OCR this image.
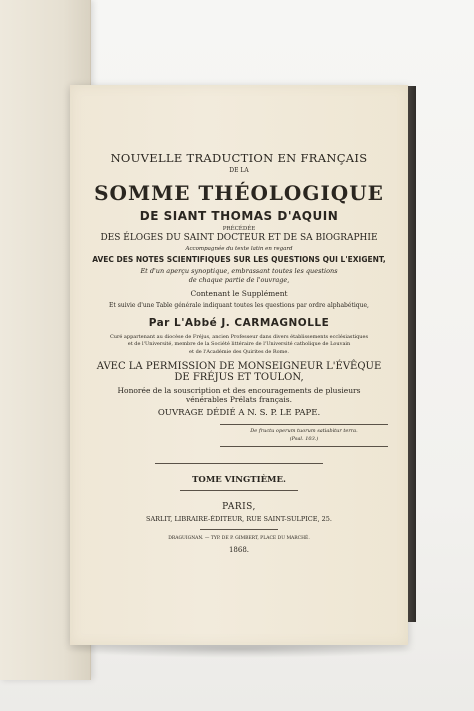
NOUVELLE TRADUCTION EN FRANÇAIS
DE LA
SOMME THÉOLOGIQUE
DE SIANT THOMAS D'AQUIN
PRÉCÉDÉE
DES ÉLOGES DU SAINT DOCTEUR ET DE SA BIOGRAPHIE
Accompagnée du texte latin en regard
AVEC DES NOTES SCIENTIFIQUES SUR LES QUESTIONS QUI L'EXIGENT,
Et d'un aperçu synoptique, embrassant toutes les questions
de chaque partie de l'ouvrage,
Contenant le Supplément
Et suivie d'une Table générale indiquant toutes les questions par ordre alphabétique,
Par L'Abbé J. CARMAGNOLLE
Curé appartenant au diocèse de Fréjus, ancien Professeur dans divers établissements ecclésiastiques
et de l'Université, membre de la Société littéraire de l'Université catholique de Louvain
et de l'Académie des Quirites de Rome.
AVEC LA PERMISSION DE MONSEIGNEUR L'ÉVÊQUE
DE FRÉJUS ET TOULON,
Honorée de la souscription et des encouragements de plusieurs
vénérables Prélats français.
OUVRAGE DÉDIÉ A N. S. P. LE PAPE.
De fructu operum tuorum satiabitur terra.
(Psal. 103.)
TOME VINGTIÈME.
PARIS,
SARLIT, LIBRAIRE-ÉDITEUR, RUE SAINT-SULPICE, 25.
DRAGUIGNAN. — TYP. DE P. GIMBERT, PLACE DU MARCHÉ.
1868.
